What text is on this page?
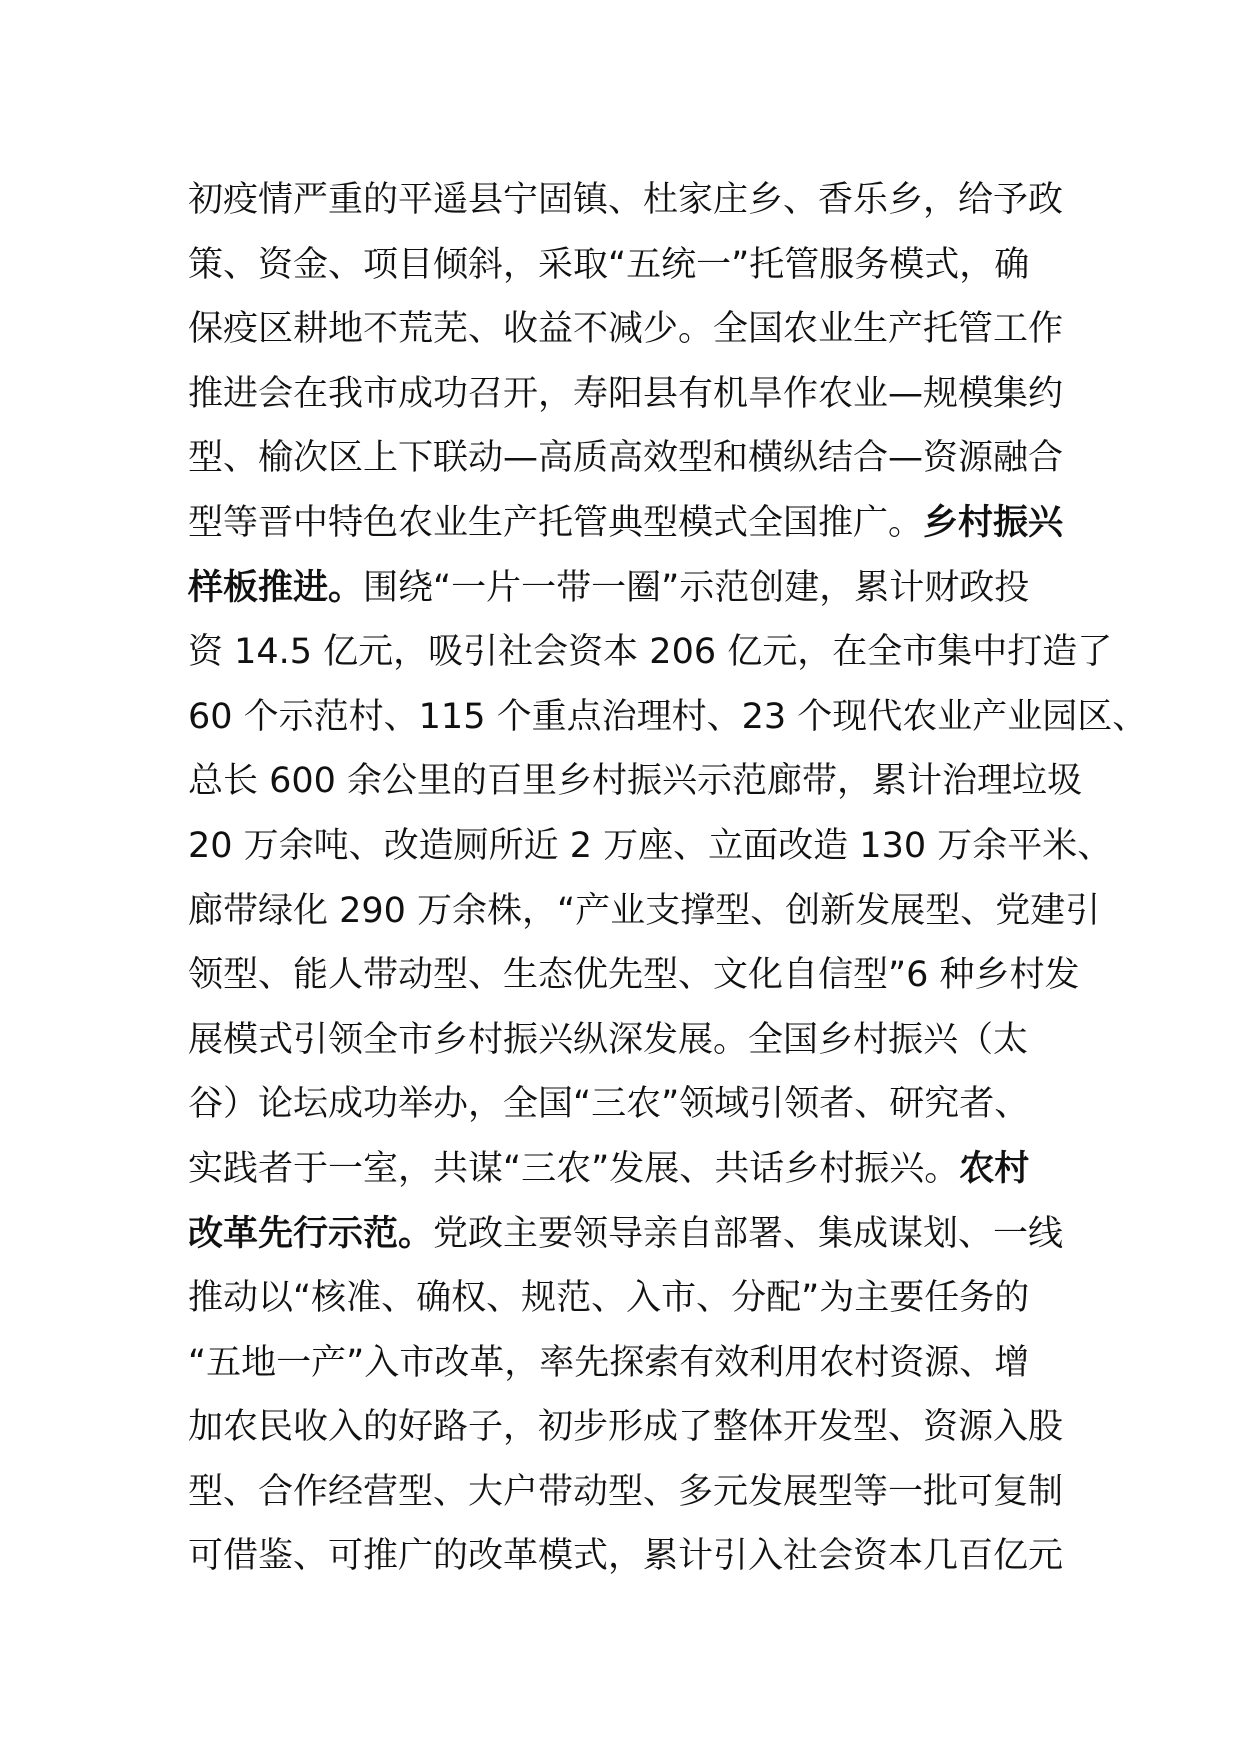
初疫情严重的平遥县宁固镇、杜家庄乡、香乐乡，给予政
策、资金、项目倾斜，采取“五统一”托管服务模式，确
保疫区耕地不荒芜、收益不减少。全国农业生产托管工作
推进会在我市成功召开，寿阳县有机旱作农业—规模集约
型、榆次区上下联动—高质高效型和横纵结合—资源融合
型等晋中特色农业生产托管典型模式全国推广。乡村振兴
样板推进。围绕“一片一带一圈”示范创建，累计财政投
资 14.5 亿元，吸引社会资本 206 亿元，在全市集中打造了
60 个示范村、115 个重点治理村、23 个现代农业产业园区、
总长 600 余公里的百里乡村振兴示范廊带，累计治理垃圾
20 万余吨、改造厕所近 2 万座、立面改造 130 万余平米、
廊带绿化 290 万余株，“产业支撑型、创新发展型、党建引
领型、能人带动型、生态优先型、文化自信型”6 种乡村发
展模式引领全市乡村振兴纵深发展。全国乡村振兴（太
谷）论坛成功举办，全国“三农”领域引领者、研究者、
实践者于一室，共谋“三农”发展、共话乡村振兴。农村
改革先行示范。党政主要领导亲自部署、集成谋划、一线
推动以“核准、确权、规范、入市、分配”为主要任务的
“五地一产”入市改革，率先探索有效利用农村资源、增
加农民收入的好路子，初步形成了整体开发型、资源入股
型、合作经营型、大户带动型、多元发展型等一批可复制
可借鉴、可推广的改革模式，累计引入社会资本几百亿元
